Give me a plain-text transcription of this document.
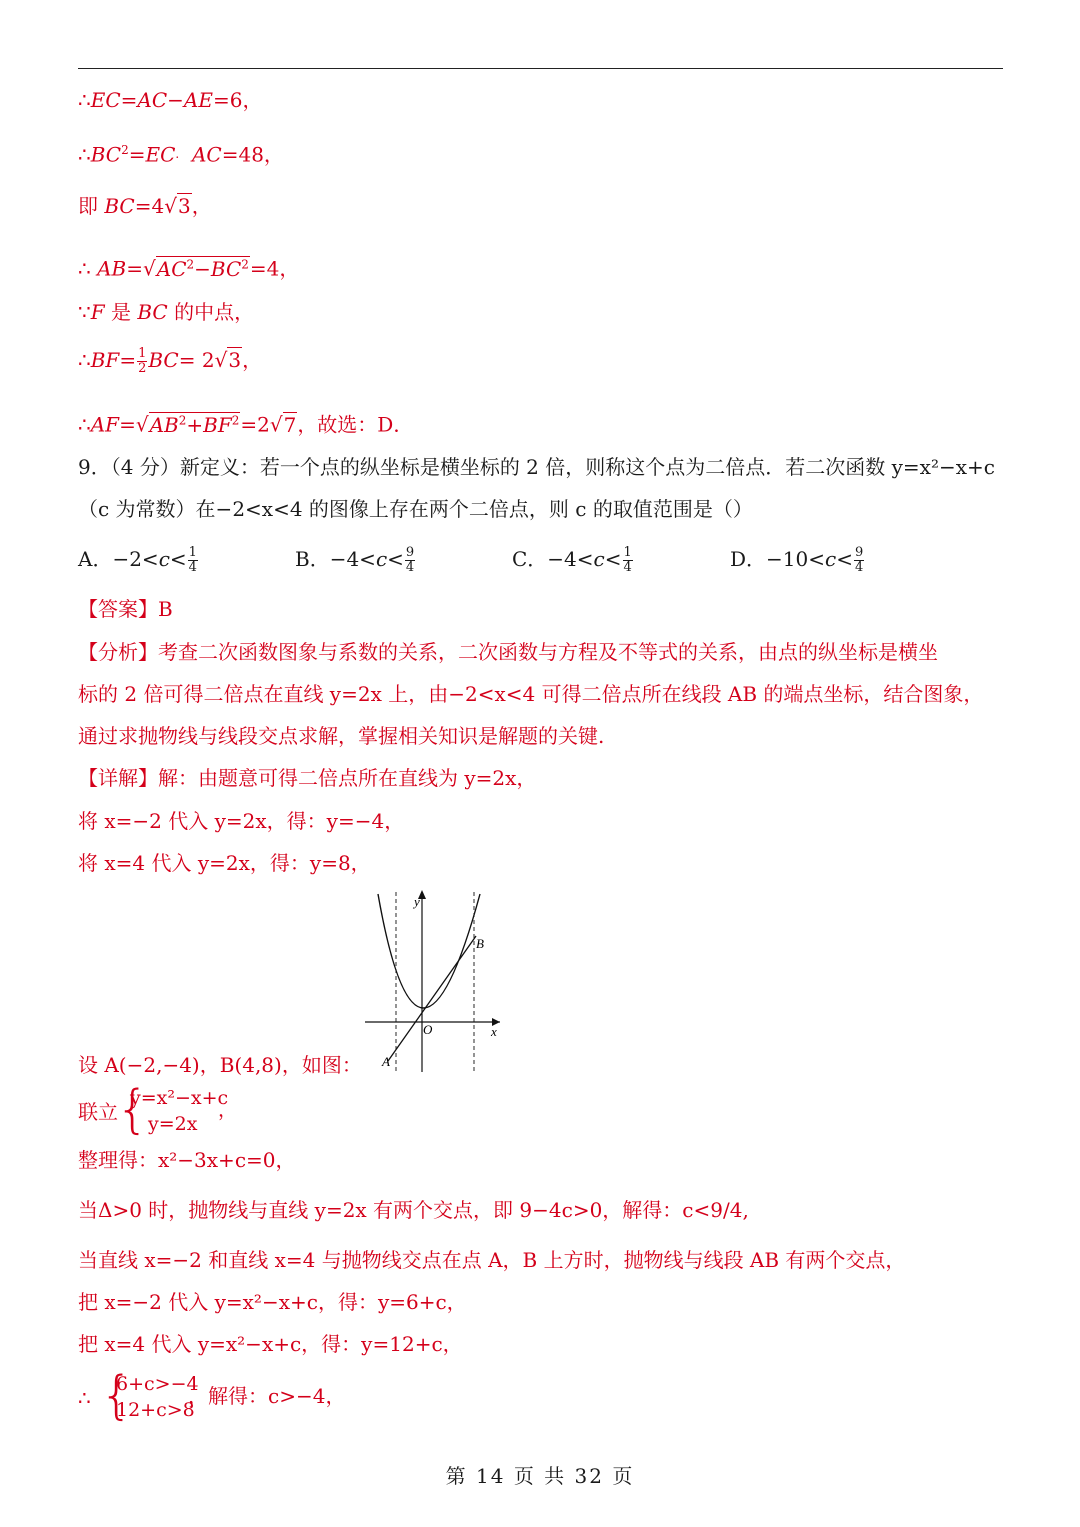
∴EC=AC−AE=6，
$\therefore BC^2=EC\cdot AC=48$，
即 BC=4√3，
∴ $AB=√AC^2-BC^2=4$，
∵F 是 BC 的中点，
∴BF= $\frac{1}{2} BC= 2√3$，
$\therefore AF=√AB^2+BF^2=2√7$，故选：D．
9．（4 分）新定义：若一个点的纵坐标是横坐标的 2 倍，则称这个点为二倍点．若二次函数 y=x²−x+c
（c 为常数）在−2<x<4 的图像上存在两个二倍点，则 c 的取值范围是（）
A．$-2<c< \frac{1}{4}$	B．$-4<c< \frac{9}{4}$	C．$-4<c< \frac{1}{4}$	D．$-10<c< \frac{9}{4}$
【答案】B
【分析】考查二次函数图象与系数的关系，二次函数与方程及不等式的关系，由点的纵坐标是横坐
标的 2 倍可得二倍点在直线 y=2x 上，由−2<x<4 可得二倍点所在线段 AB 的端点坐标，结合图象，
通过求抛物线与线段交点求解，掌握相关知识是解题的关键.
【详解】解：由题意可得二倍点所在直线为 y=2x，
将 x=−2 代入 y=2x，得：y=−4，
将 x=4 代入 y=2x，得：y=8，
y
x
O
A
B
设 A(−2,−4)，B(4,8)，如图：
联立
{
y=x²−x+c
y=2x
，
整理得：x²−3x+c=0，
当Δ>0 时，抛物线与直线 y=2x 有两个交点，即 9−4c>0，解得：c<9/4,
当直线 x=−2 和直线 x=4 与抛物线交点在点 A，B 上方时，抛物线与线段 AB 有两个交点，
把 x=−2 代入 y=x²−x+c，得：y=6+c，
把 x=4 代入 y=x²−x+c，得：y=12+c，
∴ {
6+c>−4
12+c>8
，解得：c>−4，
第 14 页 共 32 页
